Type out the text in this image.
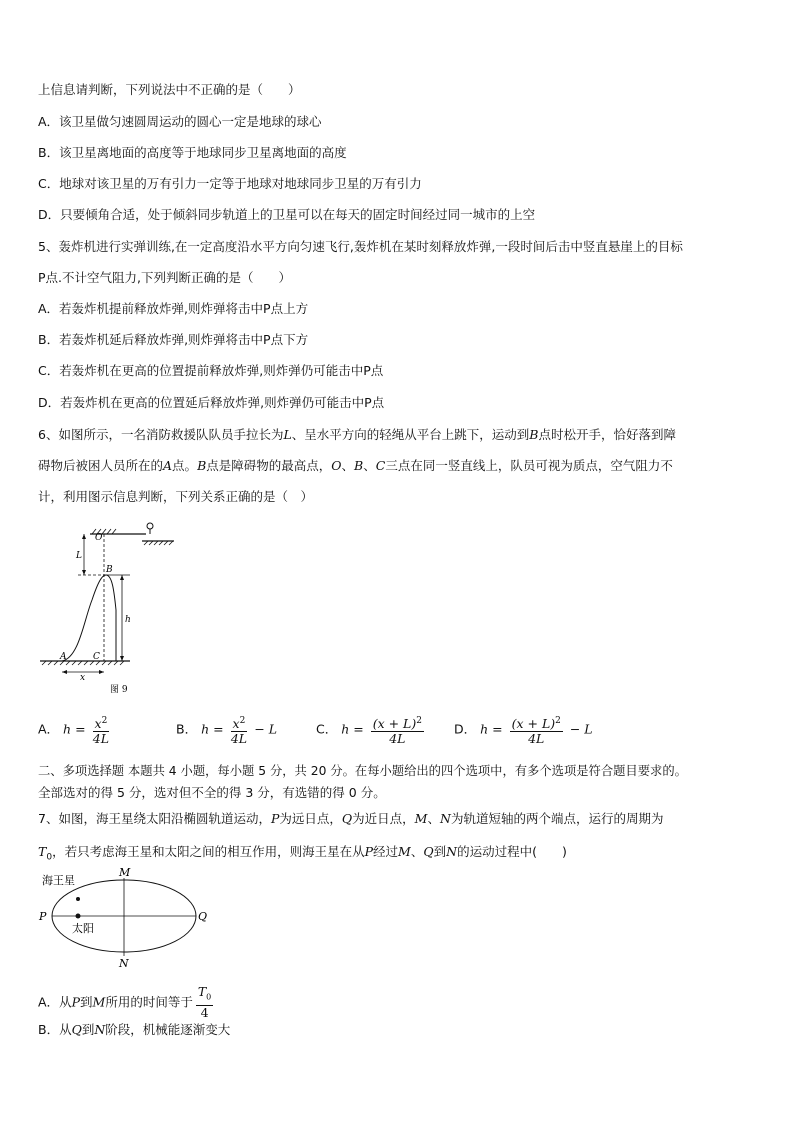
上信息请判断，下列说法中不正确的是（　　）
A．该卫星做匀速圆周运动的圆心一定是地球的球心
B．该卫星离地面的高度等于地球同步卫星离地面的高度
C．地球对该卫星的万有引力一定等于地球对地球同步卫星的万有引力
D．只要倾角合适，处于倾斜同步轨道上的卫星可以在每天的固定时间经过同一城市的上空
5、轰炸机进行实弹训练,在一定高度沿水平方向匀速飞行,轰炸机在某时刻释放炸弹,一段时间后击中竖直悬崖上的目标
P点.不计空气阻力,下列判断正确的是（　　）
A．若轰炸机提前释放炸弹,则炸弹将击中P点上方
B．若轰炸机延后释放炸弹,则炸弹将击中P点下方
C．若轰炸机在更高的位置提前释放炸弹,则炸弹仍可能击中P点
D．若轰炸机在更高的位置延后释放炸弹,则炸弹仍可能击中P点
6、如图所示，一名消防救援队队员手拉长为L、呈水平方向的轻绳从平台上跳下，运动到B点时松开手，恰好落到障
碍物后被困人员所在的A点。B点是障碍物的最高点，O、B、C三点在同一竖直线上，队员可视为质点，空气阻力不
计，利用图示信息判断，下列关系正确的是（　）
O
L
B
h
A	C
x
图 9
A． $h = \frac{x^2}{4L}$	B． $h = \frac{x^2}{4L} - L$	C． $h = \frac{(x + L)^2}{4L}$ D． $h = \frac{(x + L)^2}{4L} - L$
二、多项选择题 本题共 4 小题，每小题 5 分，共 20 分。在每小题给出的四个选项中，有多个选项是符合题目要求的。
全部选对的得 5 分，选对但不全的得 3 分，有选错的得 0 分。
7、如图，海王星绕太阳沿椭圆轨道运动，P为远日点，Q为近日点，M、N为轨道短轴的两个端点，运行的周期为
$T_0$，若只考虑海王星和太阳之间的相互作用，则海王星在从P经过M、Q到N的运动过程中(　　)
海王星
太阳
M
N
P	Q
A．从P到M所用的时间等于 $\frac{T_0}{4}$
B．从Q到N阶段，机械能逐渐变大
